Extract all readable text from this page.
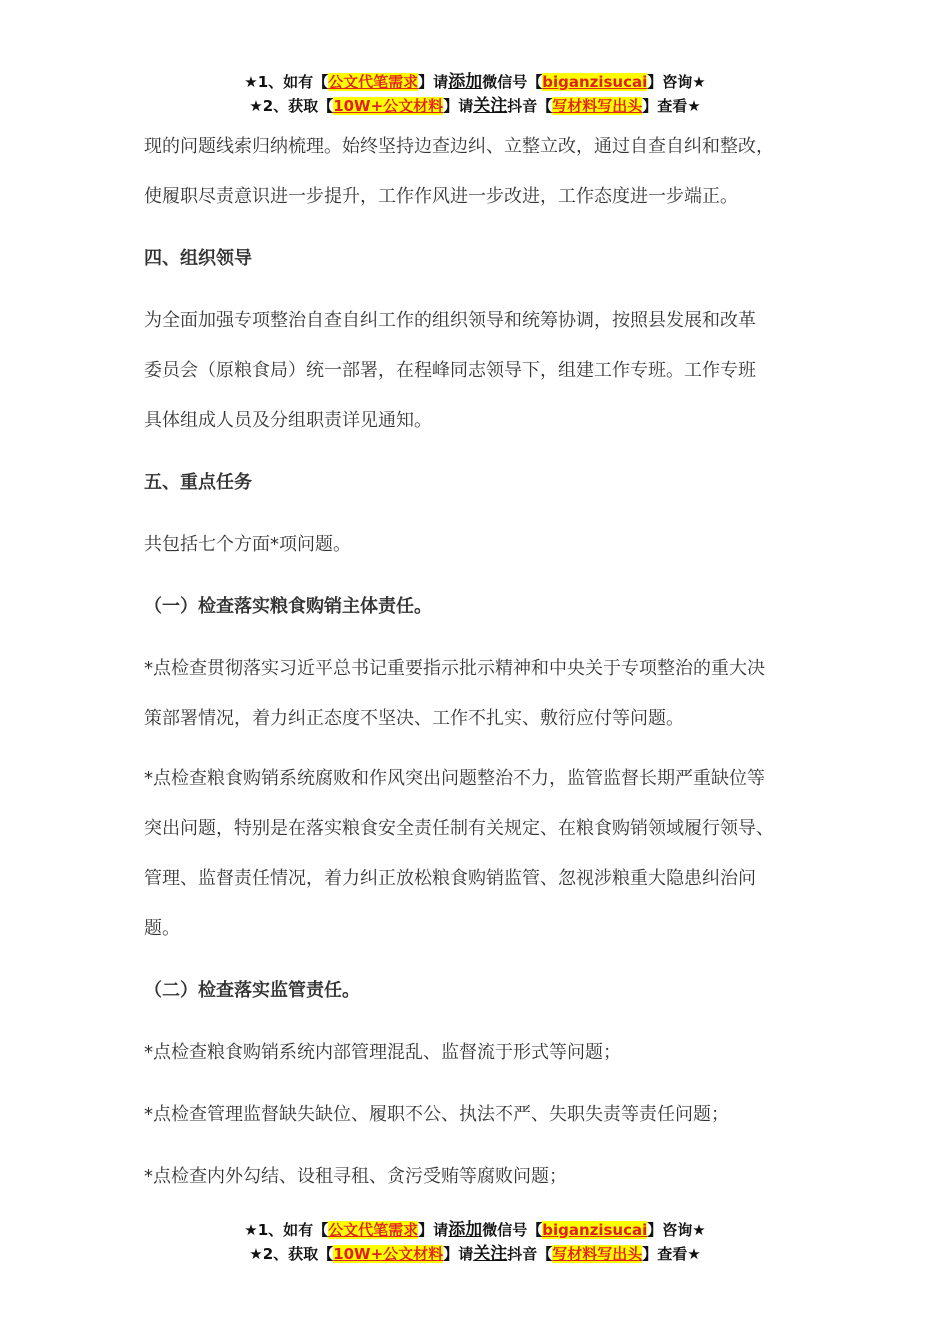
★1、如有【公文代笔需求】请添加微信号【biganzisucai】咨询★
★2、获取【10W+公文材料】请关注抖音【写材料写出头】查看★
现的问题线索归纳梳理。始终坚持边查边纠、立整立改，通过自查自纠和整改，
使履职尽责意识进一步提升，工作作风进一步改进，工作态度进一步端正。
四、组织领导
为全面加强专项整治自查自纠工作的组织领导和统筹协调，按照县发展和改革
委员会（原粮食局）统一部署，在程峰同志领导下，组建工作专班。工作专班
具体组成人员及分组职责详见通知。
五、重点任务
共包括七个方面*项问题。
（一）检查落实粮食购销主体责任。
*点检查贯彻落实习近平总书记重要指示批示精神和中央关于专项整治的重大决
策部署情况，着力纠正态度不坚决、工作不扎实、敷衍应付等问题。
*点检查粮食购销系统腐败和作风突出问题整治不力，监管监督长期严重缺位等
突出问题，特别是在落实粮食安全责任制有关规定、在粮食购销领域履行领导、
管理、监督责任情况，着力纠正放松粮食购销监管、忽视涉粮重大隐患纠治问
题。
（二）检查落实监管责任。
*点检查粮食购销系统内部管理混乱、监督流于形式等问题；
*点检查管理监督缺失缺位、履职不公、执法不严、失职失责等责任问题；
*点检查内外勾结、设租寻租、贪污受贿等腐败问题；
★1、如有【公文代笔需求】请添加微信号【biganzisucai】咨询★
★2、获取【10W+公文材料】请关注抖音【写材料写出头】查看★
